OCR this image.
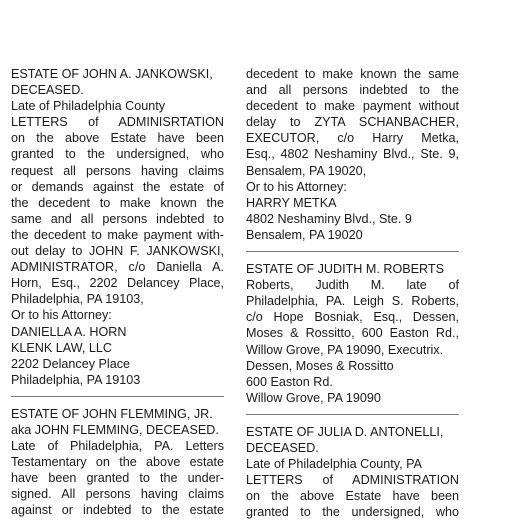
ESTATE OF JOHN A. JANKOWSKI,
DECEASED.
Late of Philadelphia County
LETTERS of ADMINISRTATION
on the above Estate have been
granted to the undersigned, who
request all persons having claims
or demands against the estate of
the decedent to make known the
same and all persons indebted to
the decedent to make payment with-
out delay to JOHN F. JANKOWSKI,
ADMINISTRATOR, c/o Daniella A.
Horn, Esq., 2202 Delancey Place,
Philadelphia, PA 19103,
Or to his Attorney:
DANIELLA A. HORN
KLENK LAW, LLC
2202 Delancey Place
Philadelphia, PA 19103
ESTATE OF JOHN FLEMMING, JR.
aka JOHN FLEMMING, DECEASED.
Late of Philadelphia, PA. Letters
Testamentary on the above estate
have been granted to the under-
signed. All persons having claims
against or indebted to the estate
decedent to make known the same
and all persons indebted to the
decedent to make payment without
delay to ZYTA SCHANBACHER,
EXECUTOR, c/o Harry Metka,
Esq., 4802 Neshaminy Blvd., Ste. 9,
Bensalem, PA 19020,
Or to his Attorney:
HARRY METKA
4802 Neshaminy Blvd., Ste. 9
Bensalem, PA 19020
ESTATE OF JUDITH M. ROBERTS
Roberts, Judith M. late of
Philadelphia, PA. Leigh S. Roberts,
c/o Hope Bosniak, Esq., Dessen,
Moses & Rossitto, 600 Easton Rd.,
Willow Grove, PA 19090, Executrix.
Dessen, Moses & Rossitto
600 Easton Rd.
Willow Grove, PA 19090
ESTATE OF JULIA D. ANTONELLI,
DECEASED.
Late of Philadelphia County, PA
LETTERS of ADMINISTRATION
on the above Estate have been
granted to the undersigned, who
